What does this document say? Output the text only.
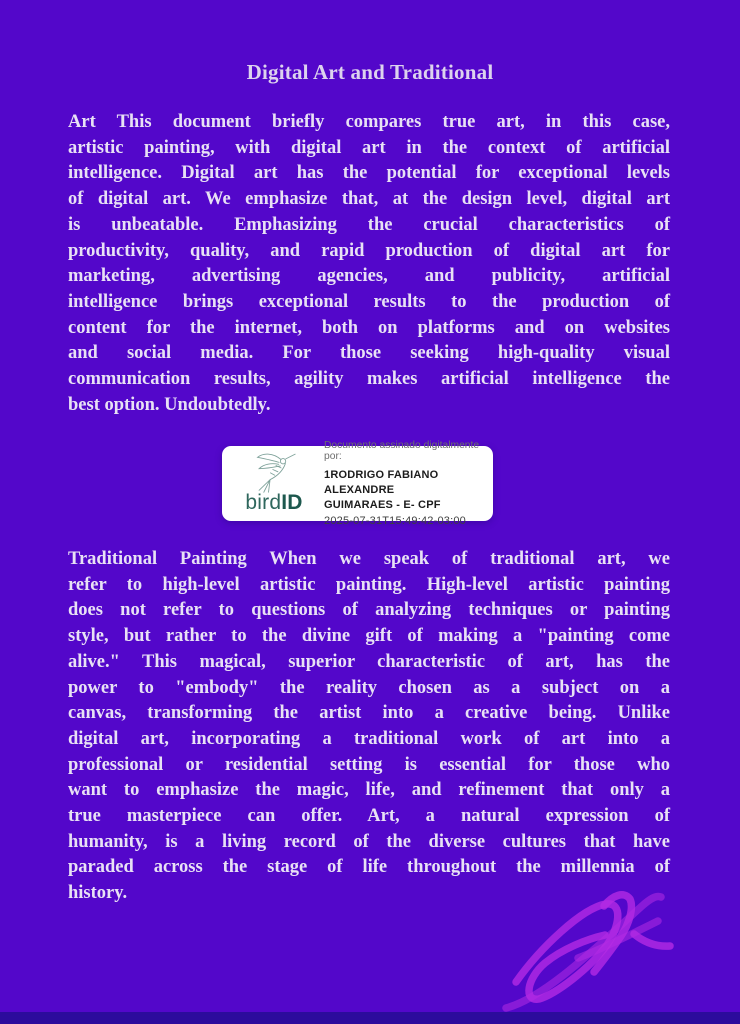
Digital Art and Traditional
Art This document briefly compares true art, in this case,
artistic painting, with digital art in the context of artificial
intelligence. Digital art has the potential for exceptional levels
of digital art. We emphasize that, at the design level, digital art
is unbeatable. Emphasizing the crucial characteristics of
productivity, quality, and rapid production of digital art for
marketing, advertising agencies, and publicity, artificial
intelligence brings exceptional results to the production of
content for the internet, both on platforms and on websites
and social media. For those seeking high-quality visual
communication results, agility makes artificial intelligence the
best option. Undoubtedly.
birdID
Documento assinado digitalmente por:
1RODRIGO FABIANO ALEXANDRE
GUIMARAES - E- CPF
2025-07-31T15:49:42-03:00
Traditional Painting When we speak of traditional art, we
refer to high-level artistic painting. High-level artistic painting
does not refer to questions of analyzing techniques or painting
style, but rather to the divine gift of making a "painting come
alive." This magical, superior characteristic of art, has the
power to "embody" the reality chosen as a subject on a
canvas, transforming the artist into a creative being. Unlike
digital art, incorporating a traditional work of art into a
professional or residential setting is essential for those who
want to emphasize the magic, life, and refinement that only a
true masterpiece can offer. Art, a natural expression of
humanity, is a living record of the diverse cultures that have
paraded across the stage of life throughout the millennia of
history.
